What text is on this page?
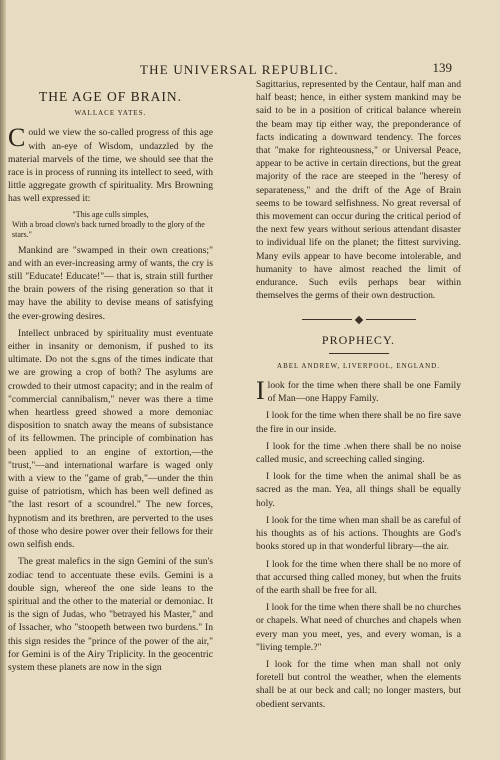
THE UNIVERSAL REPUBLIC.	139
THE AGE OF BRAIN.
WALLACE YATES.

Could we view the so-called progress of this age with an-eye of Wisdom, undazzled by the material marvels of the time, we should see that the race is in process of running its intellect to seed, with little aggregate growth cf spirituality. Mrs Browning has well expressed it:

"This age culls simples,
With a broad clown's back turned broadly to the glory of the stars."

Mankind are "swamped in their own creations;" and with an ever-increasing army of wants, the cry is still "Educate! Educate!"— that is, strain still further the brain powers of the rising generation so that it may have the ability to devise means of satisfying the ever-growing desires.

Intellect unbraced by spirituality must eventuate either in insanity or demonism, if pushed to its ultimate. Do not the s.gns of the times indicate that we are growing a crop of both? The asylums are crowded to their utmost capacity; and in the realm of "commercial cannibalism," never was there a time when heartless greed showed a more demoniac disposition to snatch away the means of subsistance of its fellowmen. The principle of combination has been applied to an engine of extortion,—the "trust,"—and international warfare is waged only with a view to the "game of grab,"—under the thin guise of patriotism, which has been well defined as "the last resort of a scoundrel." The new forces, hypnotism and its brethren, are perverted to the uses of those who desire power over their fellows for their own selfish ends.

The great malefics in the sign Gemini of the sun's zodiac tend to accentuate these evils. Gemini is a double sign, whereof the one side leans to the spiritual and the other to the material or demoniac. It is the sign of Judas, who "betrayed his Master," and of Issacher, who "stoopeth between two burdens." In this sign resides the "prince of the power of the air," for Gemini is of the Airy Triplicity. In the geocentric system these planets are now in the sign

Sagittarius, represented by the Centaur, half man and half beast; hence, in either system mankind may be said to be in a position of critical balance wherein the beam may tip either way, the preponderance of facts indicating a downward tendency. The forces that "make for righteousness," or Universal Peace, appear to be active in certain directions, but the great majority of the race are steeped in the "heresy of separateness," and the drift of the Age of Brain seems to be toward selfishness. No great reversal of this movement can occur during the critical period of the next few years without serious attendant disaster to individual life on the planet; the fittest surviving. Many evils appear to have become intolerable, and humanity to have almost reached the limit of endurance. Such evils perhaps bear within themselves the germs of their own destruction.

PROPHECY.
ABEL ANDREW, LIVERPOOL, ENGLAND.

Ilook for the time when there shall be one Family of Man—one Happy Family.

I look for the time when there shall be no fire save the fire in our inside.

I look for the time .when there shall be no noise called music, and screeching called singing.

I look for the time when the animal shall be as sacred as the man. Yea, all things shall be equally holy.

I look for the time when man shall be as careful of his thoughts as of his actions. Thoughts are God's books stored up in that wonderful library—the air.

I look for the time when there shall be no more of that accursed thing called money, but when the fruits of the earth shall be free for all.

I look for the time when there shall be no churches or chapels. What need of churches and chapels when every man you meet, yes, and every woman, is a "living temple.?"

I look for the time when man shall not only foretell but control the weather, when the elements shall be at our beck and call; no longer masters, but obedient servants.
